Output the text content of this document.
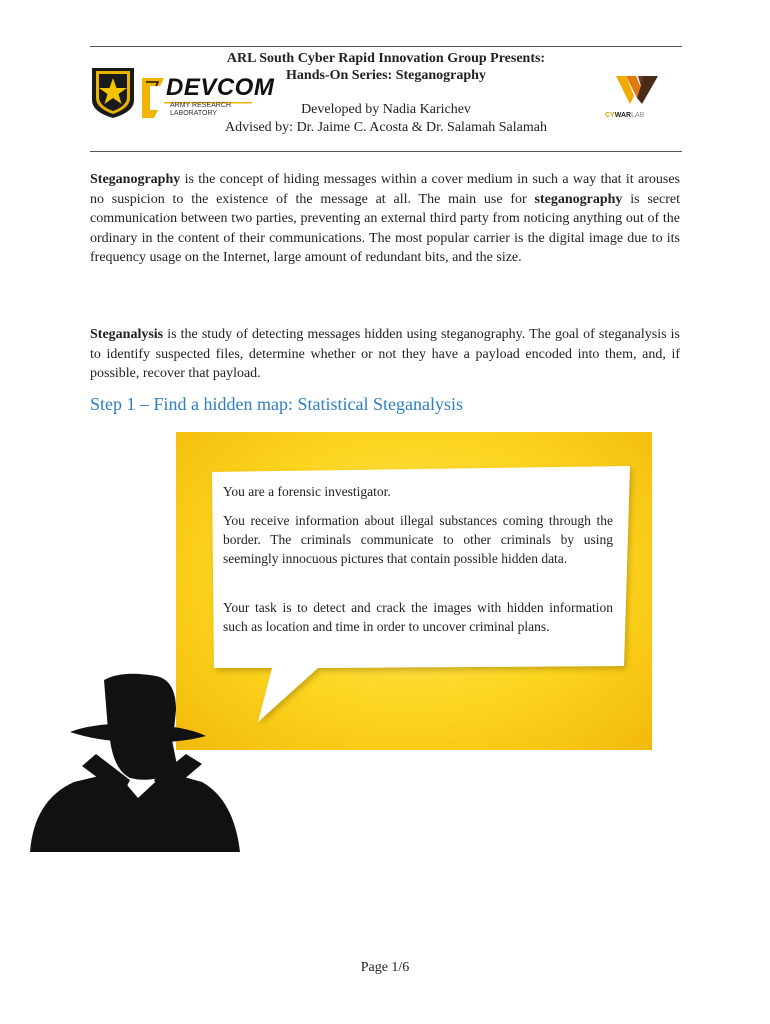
ARL South Cyber Rapid Innovation Group Presents:
Hands-On Series: Steganography
Developed by Nadia Karichev
Advised by: Dr. Jaime C. Acosta & Dr. Salamah Salamah
DEVCOM
ARMY RESEARCH
LABORATORY	CYWARLAB
Steganography is the concept of hiding messages within a cover medium in such a way that it arouses no suspicion to the existence of the message at all. The main use for steganography is secret communication between two parties, preventing an external third party from noticing anything out of the ordinary in the content of their communications. The most popular carrier is the digital image due to its frequency usage on the Internet, large amount of redundant bits, and the size.
Steganalysis is the study of detecting messages hidden using steganography. The goal of steganalysis is to identify suspected files, determine whether or not they have a payload encoded into them, and, if possible, recover that payload.
Step 1 – Find a hidden map: Statistical Steganalysis
You are a forensic investigator.
You receive information about illegal substances coming through the border. The criminals communicate to other criminals by using seemingly innocuous pictures that contain possible hidden data.
Your task is to detect and crack the images with hidden information such as location and time in order to uncover criminal plans.
Page 1/6
